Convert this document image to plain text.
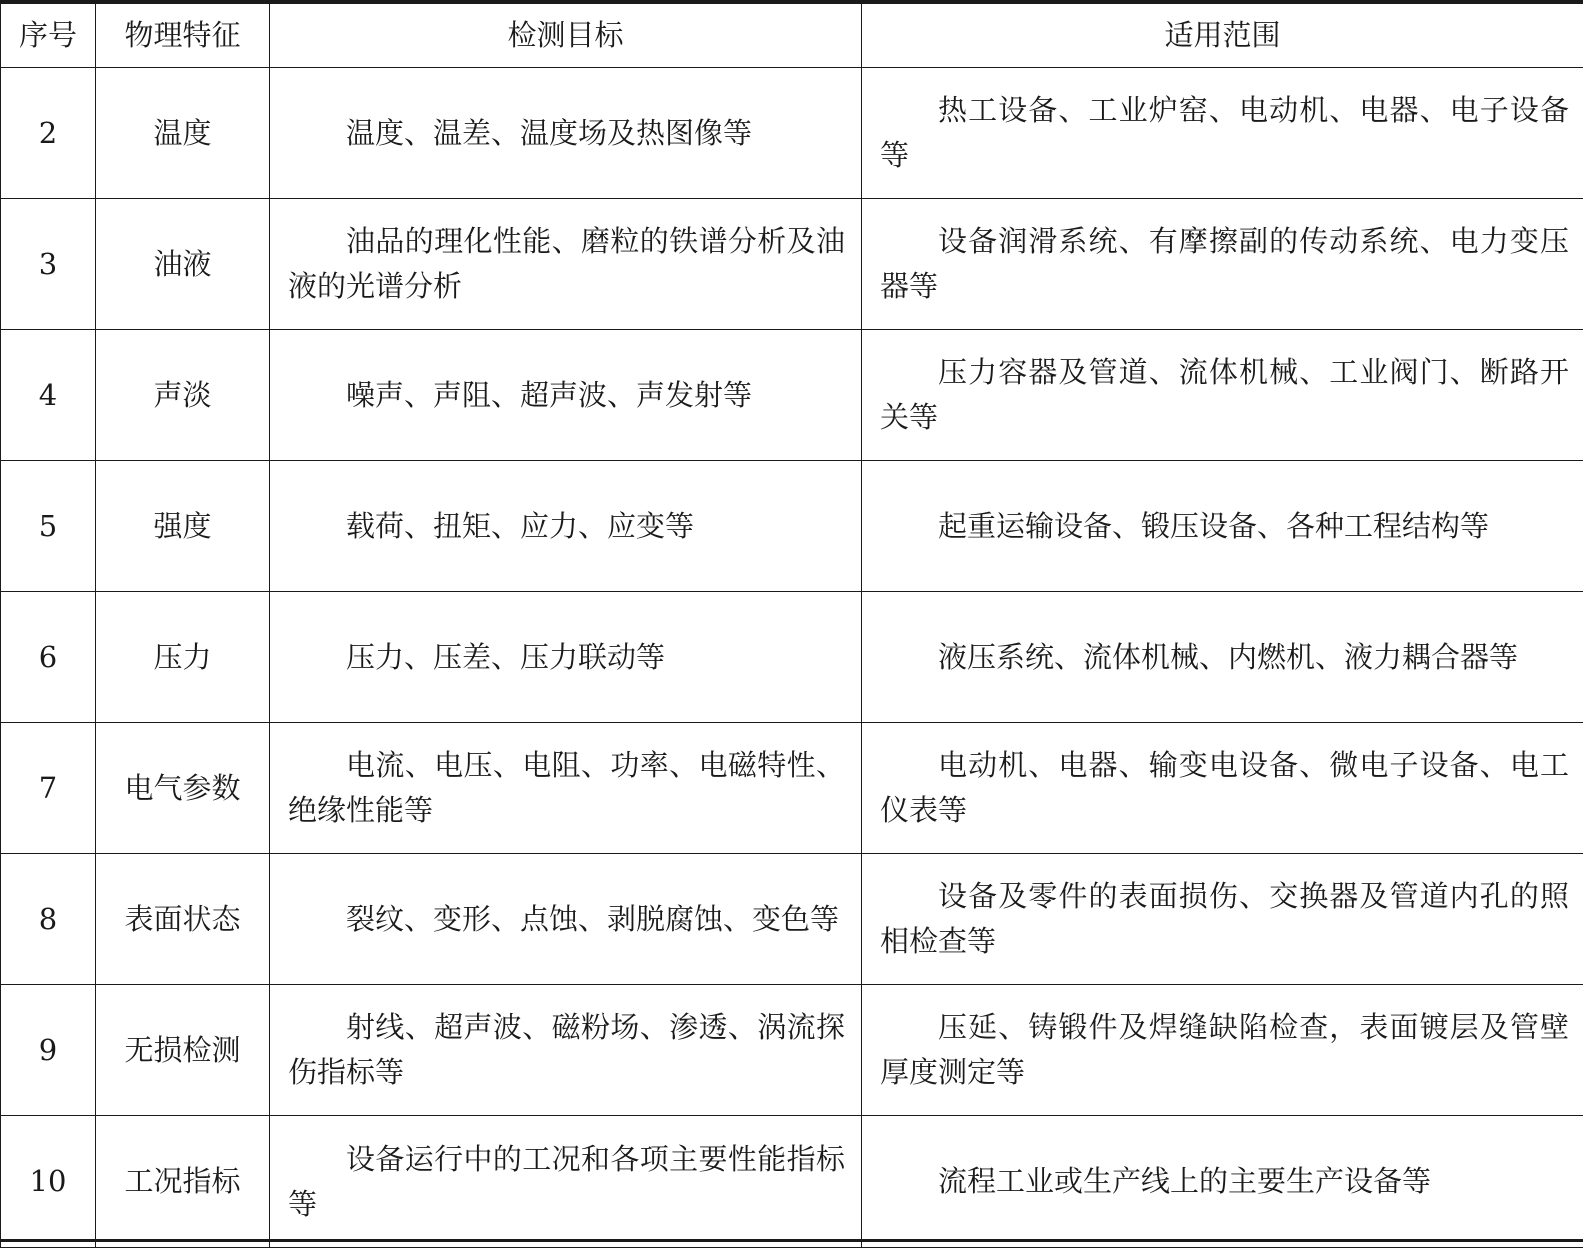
序号	物理特征	检测目标	适用范围
2	温度	温度、温差、温度场及热图像等	热工设备、工业炉窑、电动机、电器、电子设备等
3	油液	油品的理化性能、磨粒的铁谱分析及油液的光谱分析	设备润滑系统、有摩擦副的传动系统、电力变压器等
4	声淡	噪声、声阻、超声波、声发射等	压力容器及管道、流体机械、工业阀门、断路开关等
5	强度	载荷、扭矩、应力、应变等	起重运输设备、锻压设备、各种工程结构等
6	压力	压力、压差、压力联动等	液压系统、流体机械、内燃机、液力耦合器等
7	电气参数	电流、电压、电阻、功率、电磁特性、绝缘性能等	电动机、电器、输变电设备、微电子设备、电工仪表等
8	表面状态	裂纹、变形、点蚀、剥脱腐蚀、变色等	设备及零件的表面损伤、交换器及管道内孔的照相检查等
9	无损检测	射线、超声波、磁粉场、渗透、涡流探伤指标等	压延、铸锻件及焊缝缺陷检查，表面镀层及管壁厚度测定等
10	工况指标	设备运行中的工况和各项主要性能指标等	流程工业或生产线上的主要生产设备等
